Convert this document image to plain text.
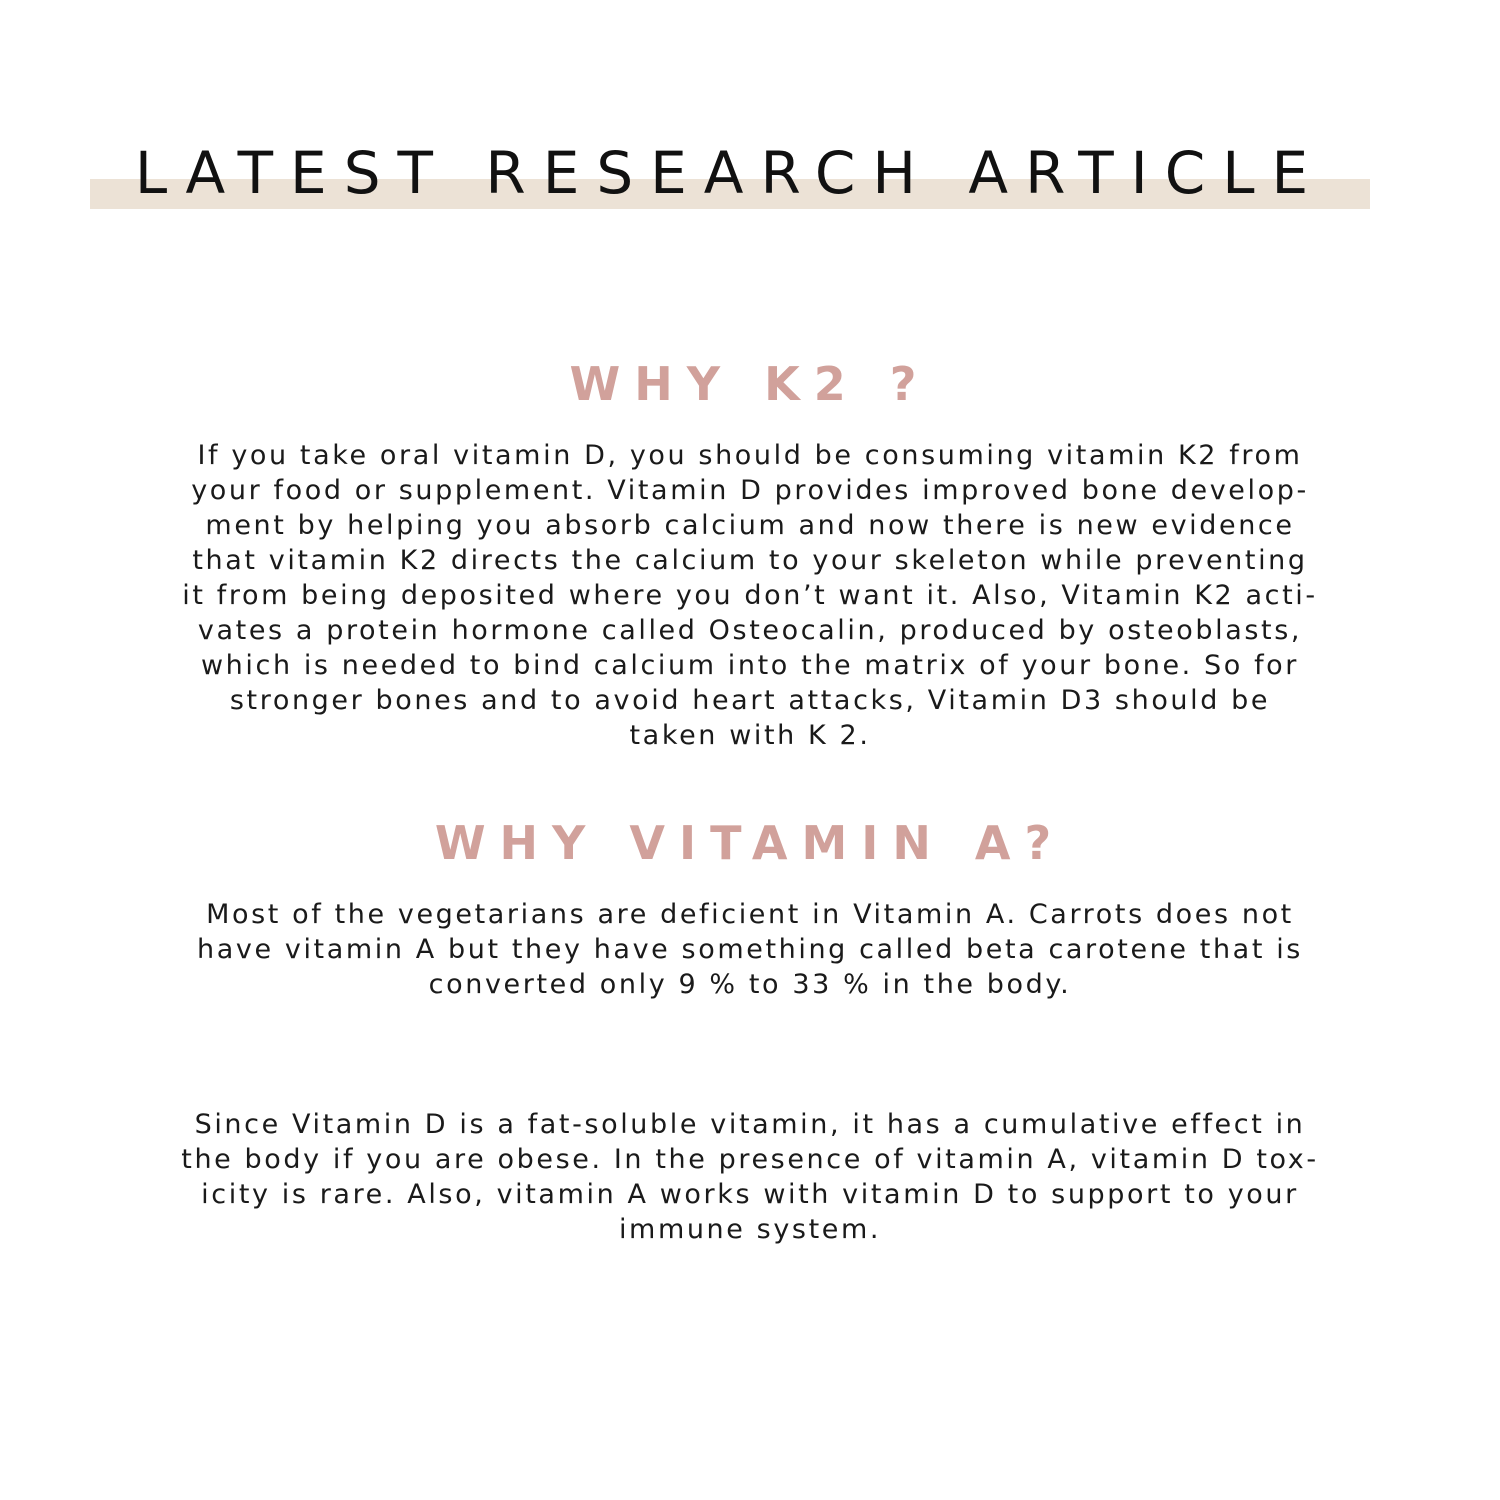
LATEST RESEARCH ARTICLE
WHY K2 ?
If you take oral vitamin D, you should be consuming vitamin K2 from
your food or supplement. Vitamin D provides improved bone develop-
ment by helping you absorb calcium and now there is new evidence
that vitamin K2 directs the calcium to your skeleton while preventing
it from being deposited where you don’t want it. Also, Vitamin K2 acti-
vates a protein hormone called Osteocalin, produced by osteoblasts,
which is needed to bind calcium into the matrix of your bone. So for
stronger bones and to avoid heart attacks, Vitamin D3 should be
taken with K 2.
WHY VITAMIN A?
Most of the vegetarians are deficient in Vitamin A. Carrots does not
have vitamin A but they have something called beta carotene that is
converted only 9 % to 33 % in the body.
Since Vitamin D is a fat-soluble vitamin, it has a cumulative effect in
the body if you are obese. In the presence of vitamin A, vitamin D tox-
icity is rare. Also, vitamin A works with vitamin D to support to your
immune system.
